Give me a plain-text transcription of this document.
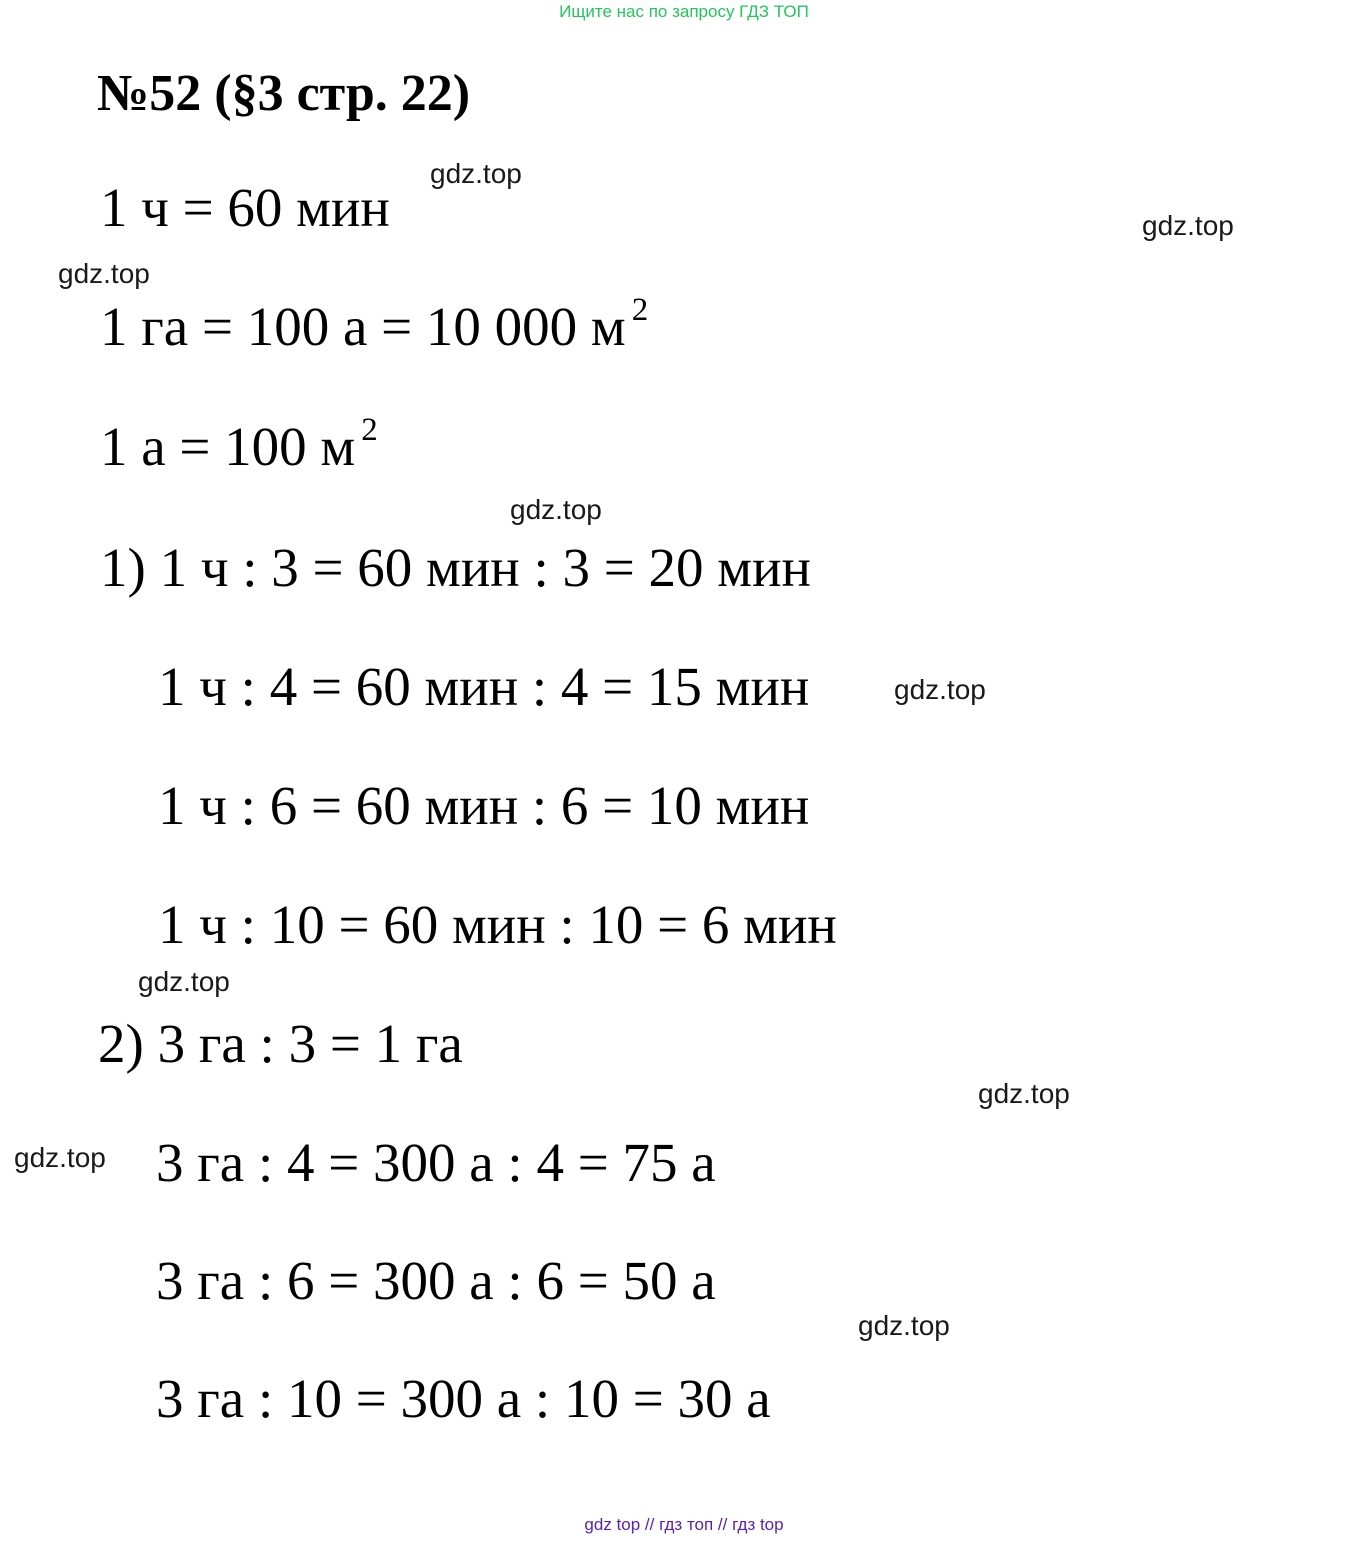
Ищите нас по запросу ГДЗ ТОП
№52 (§3 стр. 22)
1 ч = 60 мин
1 га = 100 а = 10 000 м $^2$
1 а = 100 м $^2$
1) 1 ч : 3 = 60 мин : 3 = 20 мин
1 ч : 4 = 60 мин : 4 = 15 мин
1 ч : 6 = 60 мин : 6 = 10 мин
1 ч : 10 = 60 мин : 10 = 6 мин
2) 3 га : 3 = 1 га
3 га : 4 = 300 а : 4 = 75 а
3 га : 6 = 300 а : 6 = 50 а
3 га : 10 = 300 а : 10 = 30 а
gdz.top
gdz.top
gdz.top
gdz.top
gdz.top
gdz.top
gdz.top
gdz.top
gdz.top
gdz top // гдз топ // гдз top
